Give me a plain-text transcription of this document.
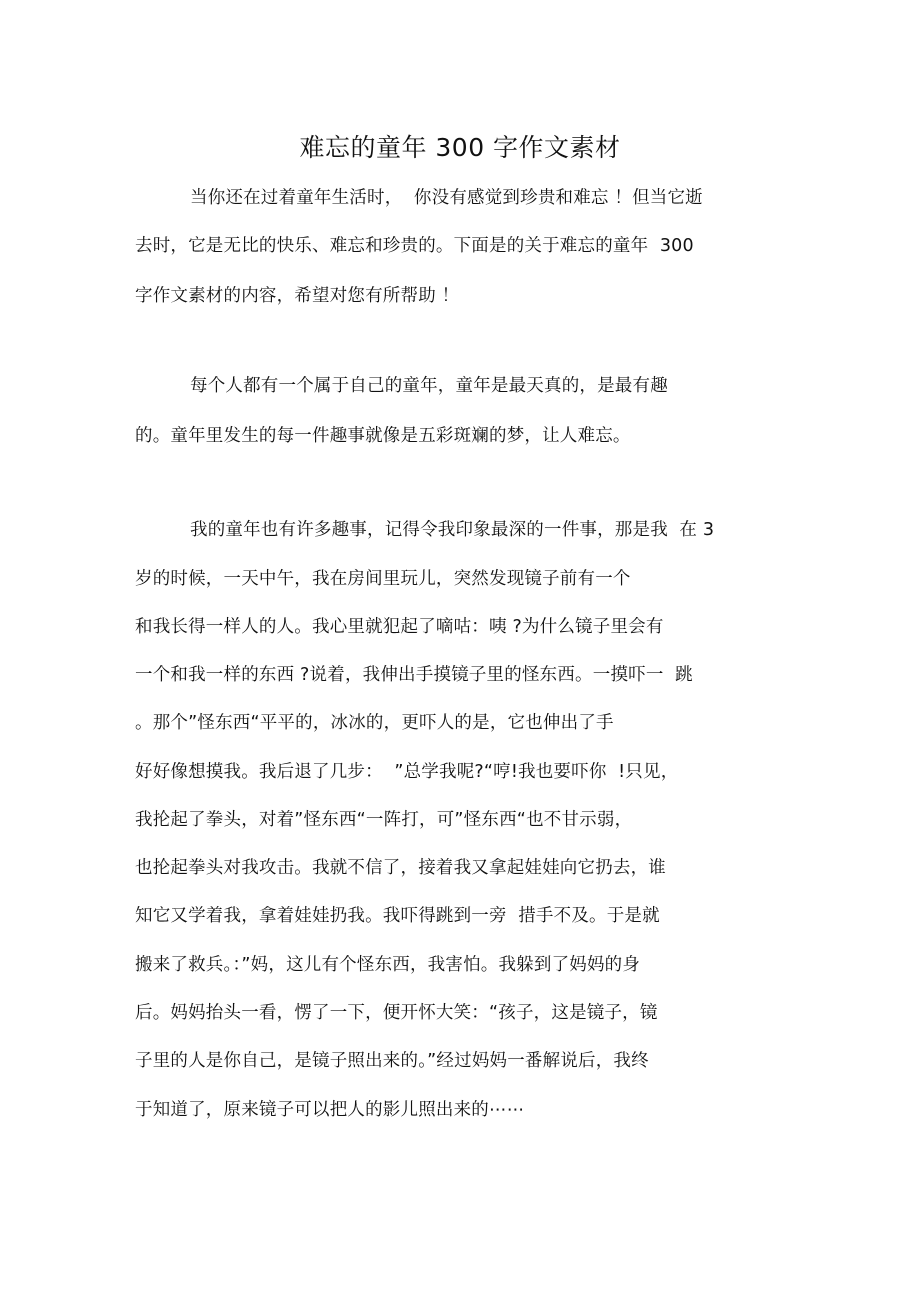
难忘的童年 300 字作文素材
当你还在过着童年生活时，  你没有感觉到珍贵和难忘 ！但当它逝
去时，它是无比的快乐、难忘和珍贵的。下面是的关于难忘的童年  300
字作文素材的内容，希望对您有所帮助 ！
每个人都有一个属于自己的童年，童年是最天真的，是最有趣
的。童年里发生的每一件趣事就像是五彩斑斓的梦，让人难忘。
我的童年也有许多趣事，记得令我印象最深的一件事，那是我  在 3
岁的时候，一天中午，我在房间里玩儿，突然发现镜子前有一个
和我长得一样人的人。我心里就犯起了嘀咕：咦 ?为什么镜子里会有
一个和我一样的东西 ?说着，我伸出手摸镜子里的怪东西。一摸吓一  跳
。那个”怪东西“平平的，冰冰的，更吓人的是，它也伸出了手
好好像想摸我。我后退了几步：  ”总学我呢?“哼!我也要吓你  !只见，
我抡起了拳头，对着”怪东西“一阵打，可”怪东西“也不甘示弱，
也抡起拳头对我攻击。我就不信了，接着我又拿起娃娃向它扔去，谁
知它又学着我，拿着娃娃扔我。我吓得跳到一旁  措手不及。于是就
搬来了救兵。：”妈，这儿有个怪东西，我害怕。我躲到了妈妈的身
后。妈妈抬头一看，愣了一下，便开怀大笑：“孩子，这是镜子，镜
子里的人是你自己，是镜子照出来的。”经过妈妈一番解说后，我终
于知道了，原来镜子可以把人的影儿照出来的⋯⋯
